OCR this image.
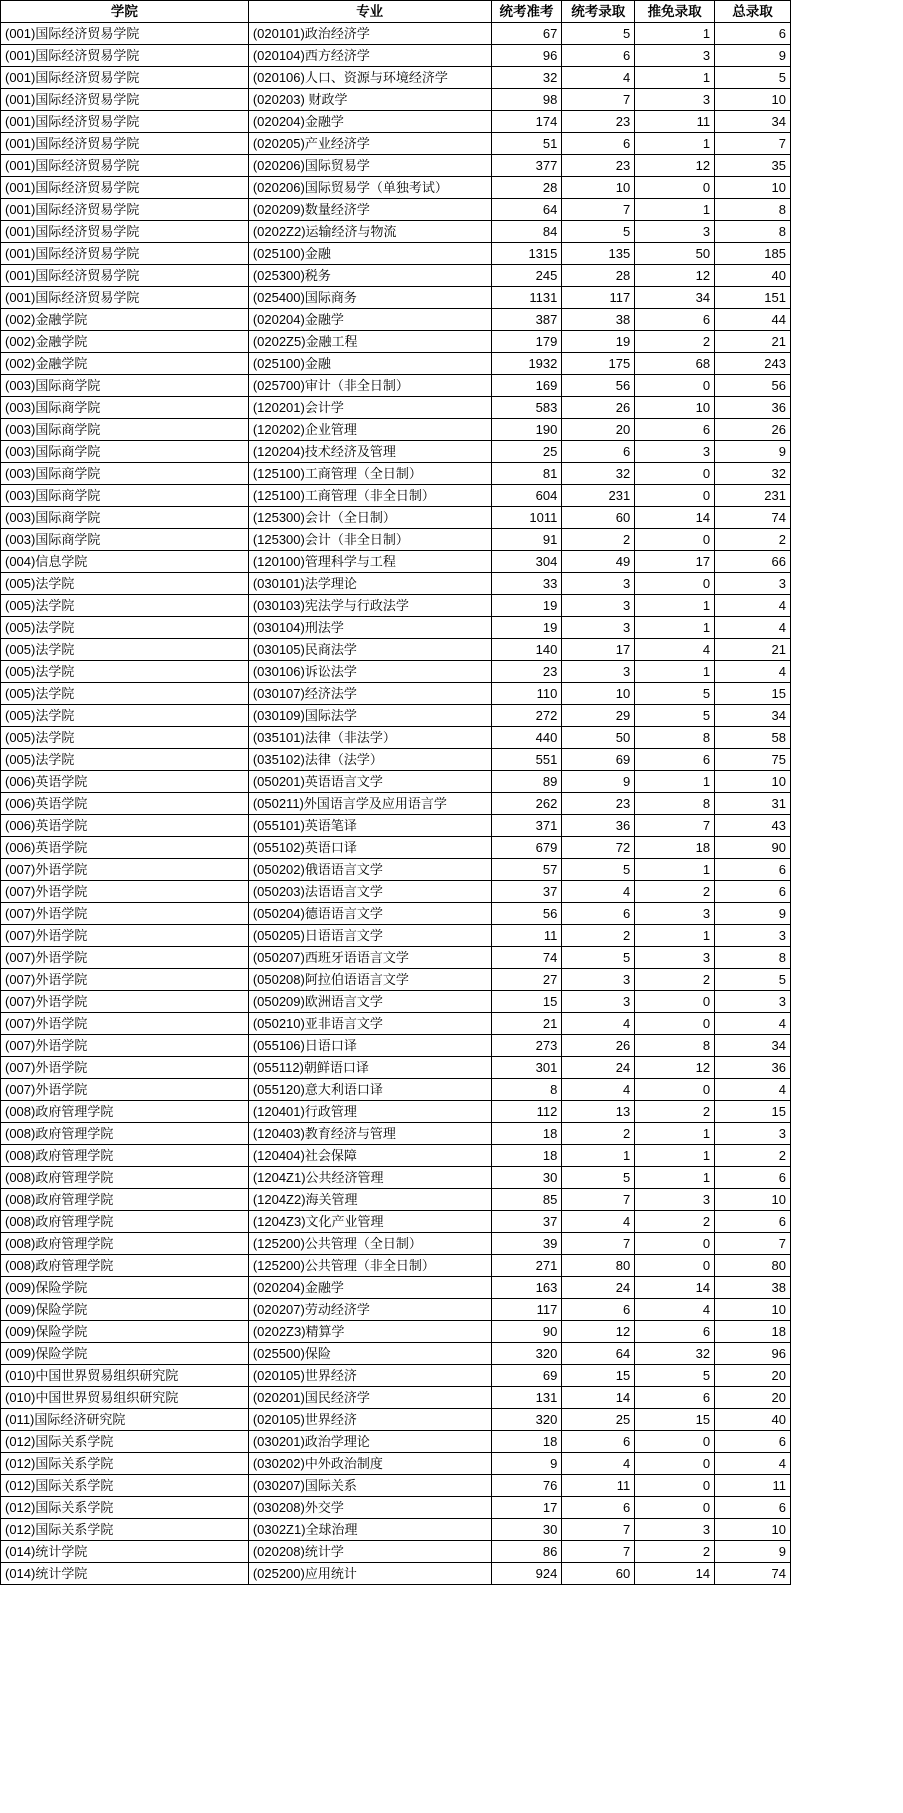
学院	专业	统考准考	统考录取	推免录取	总录取
(001)国际经济贸易学院	(020101)政治经济学	67	5	1	6
(001)国际经济贸易学院	(020104)西方经济学	96	6	3	9
(001)国际经济贸易学院	(020106)人口、资源与环境经济学	32	4	1	5
(001)国际经济贸易学院	(020203) 财政学	98	7	3	10
(001)国际经济贸易学院	(020204)金融学	174	23	11	34
(001)国际经济贸易学院	(020205)产业经济学	51	6	1	7
(001)国际经济贸易学院	(020206)国际贸易学	377	23	12	35
(001)国际经济贸易学院	(020206)国际贸易学（单独考试）	28	10	0	10
(001)国际经济贸易学院	(020209)数量经济学	64	7	1	8
(001)国际经济贸易学院	(0202Z2)运输经济与物流	84	5	3	8
(001)国际经济贸易学院	(025100)金融	1315	135	50	185
(001)国际经济贸易学院	(025300)税务	245	28	12	40
(001)国际经济贸易学院	(025400)国际商务	1131	117	34	151
(002)金融学院	(020204)金融学	387	38	6	44
(002)金融学院	(0202Z5)金融工程	179	19	2	21
(002)金融学院	(025100)金融	1932	175	68	243
(003)国际商学院	(025700)审计（非全日制）	169	56	0	56
(003)国际商学院	(120201)会计学	583	26	10	36
(003)国际商学院	(120202)企业管理	190	20	6	26
(003)国际商学院	(120204)技术经济及管理	25	6	3	9
(003)国际商学院	(125100)工商管理（全日制）	81	32	0	32
(003)国际商学院	(125100)工商管理（非全日制）	604	231	0	231
(003)国际商学院	(125300)会计（全日制）	1011	60	14	74
(003)国际商学院	(125300)会计（非全日制）	91	2	0	2
(004)信息学院	(120100)管理科学与工程	304	49	17	66
(005)法学院	(030101)法学理论	33	3	0	3
(005)法学院	(030103)宪法学与行政法学	19	3	1	4
(005)法学院	(030104)刑法学	19	3	1	4
(005)法学院	(030105)民商法学	140	17	4	21
(005)法学院	(030106)诉讼法学	23	3	1	4
(005)法学院	(030107)经济法学	110	10	5	15
(005)法学院	(030109)国际法学	272	29	5	34
(005)法学院	(035101)法律（非法学）	440	50	8	58
(005)法学院	(035102)法律（法学）	551	69	6	75
(006)英语学院	(050201)英语语言文学	89	9	1	10
(006)英语学院	(050211)外国语言学及应用语言学	262	23	8	31
(006)英语学院	(055101)英语笔译	371	36	7	43
(006)英语学院	(055102)英语口译	679	72	18	90
(007)外语学院	(050202)俄语语言文学	57	5	1	6
(007)外语学院	(050203)法语语言文学	37	4	2	6
(007)外语学院	(050204)德语语言文学	56	6	3	9
(007)外语学院	(050205)日语语言文学	11	2	1	3
(007)外语学院	(050207)西班牙语语言文学	74	5	3	8
(007)外语学院	(050208)阿拉伯语语言文学	27	3	2	5
(007)外语学院	(050209)欧洲语言文学	15	3	0	3
(007)外语学院	(050210)亚非语言文学	21	4	0	4
(007)外语学院	(055106)日语口译	273	26	8	34
(007)外语学院	(055112)朝鲜语口译	301	24	12	36
(007)外语学院	(055120)意大利语口译	8	4	0	4
(008)政府管理学院	(120401)行政管理	112	13	2	15
(008)政府管理学院	(120403)教育经济与管理	18	2	1	3
(008)政府管理学院	(120404)社会保障	18	1	1	2
(008)政府管理学院	(1204Z1)公共经济管理	30	5	1	6
(008)政府管理学院	(1204Z2)海关管理	85	7	3	10
(008)政府管理学院	(1204Z3)文化产业管理	37	4	2	6
(008)政府管理学院	(125200)公共管理（全日制）	39	7	0	7
(008)政府管理学院	(125200)公共管理（非全日制）	271	80	0	80
(009)保险学院	(020204)金融学	163	24	14	38
(009)保险学院	(020207)劳动经济学	117	6	4	10
(009)保险学院	(0202Z3)精算学	90	12	6	18
(009)保险学院	(025500)保险	320	64	32	96
(010)中国世界贸易组织研究院	(020105)世界经济	69	15	5	20
(010)中国世界贸易组织研究院	(020201)国民经济学	131	14	6	20
(011)国际经济研究院	(020105)世界经济	320	25	15	40
(012)国际关系学院	(030201)政治学理论	18	6	0	6
(012)国际关系学院	(030202)中外政治制度	9	4	0	4
(012)国际关系学院	(030207)国际关系	76	11	0	11
(012)国际关系学院	(030208)外交学	17	6	0	6
(012)国际关系学院	(0302Z1)全球治理	30	7	3	10
(014)统计学院	(020208)统计学	86	7	2	9
(014)统计学院	(025200)应用统计	924	60	14	74
